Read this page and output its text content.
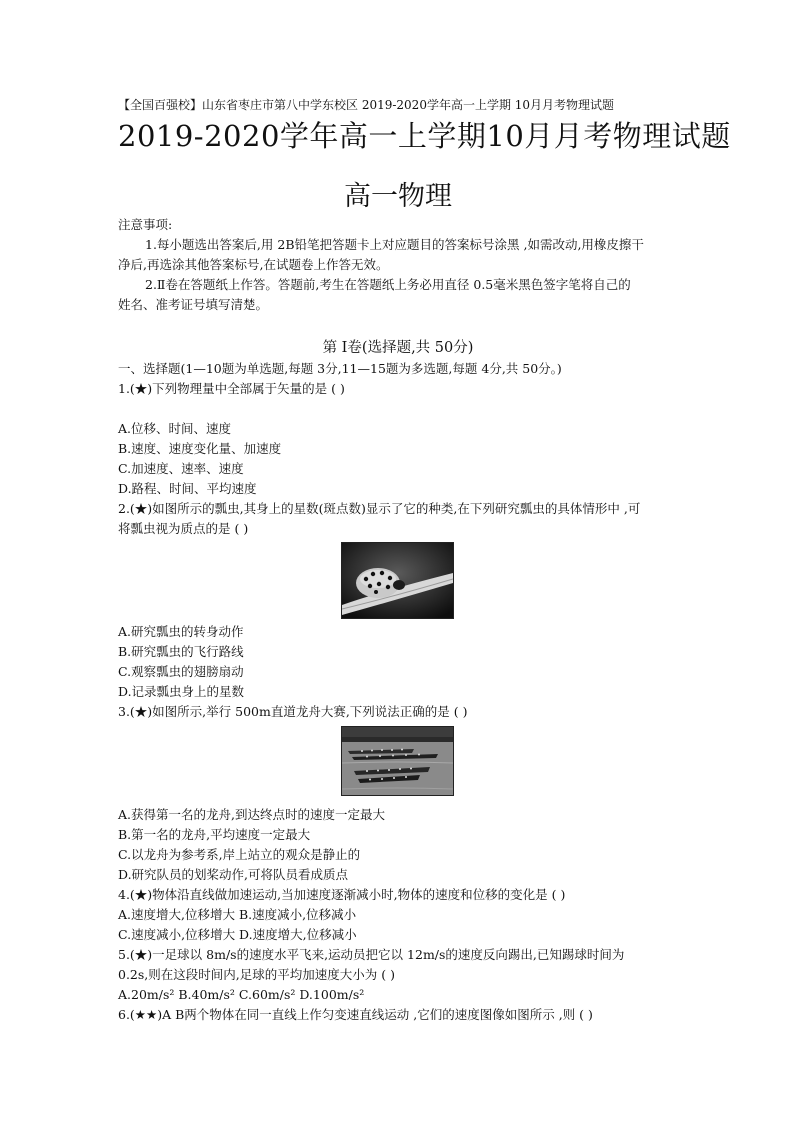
【全国百强校】山东省枣庄市第八中学东校区 2019-2020学年高一上学期 10月月考物理试题
2019-2020学年高一上学期10月月考物理试题
高一物理
注意事项:
1.每小题选出答案后,用 2B铅笔把答题卡上对应题目的答案标号涂黑 ,如需改动,用橡皮擦干
净后,再选涂其他答案标号,在试题卷上作答无效。
2.Ⅱ卷在答题纸上作答。答题前,考生在答题纸上务必用直径 0.5毫米黑色签字笔将自己的
姓名、准考证号填写清楚。
第 Ⅰ卷(选择题,共 50分)
一、选择题(1—10题为单选题,每题 3分,11—15题为多选题,每题 4分,共 50分。)
1.(★)下列物理量中全部属于矢量的是 ( )
A.位移、时间、速度
B.速度、速度变化量、加速度
C.加速度、速率、速度
D.路程、时间、平均速度
2.(★)如图所示的瓢虫,其身上的星数(斑点数)显示了它的种类,在下列研究瓢虫的具体情形中 ,可
将瓢虫视为质点的是 ( )
A.研究瓢虫的转身动作
B.研究瓢虫的飞行路线
C.观察瓢虫的翅膀扇动
D.记录瓢虫身上的星数
3.(★)如图所示,举行 500m直道龙舟大赛,下列说法正确的是 ( )
A.获得第一名的龙舟,到达终点时的速度一定最大
B.第一名的龙舟,平均速度一定最大
C.以龙舟为参考系,岸上站立的观众是静止的
D.研究队员的划桨动作,可将队员看成质点
4.(★)物体沿直线做加速运动,当加速度逐渐减小时,物体的速度和位移的变化是 ( )
A.速度增大,位移增大 B.速度减小,位移减小
C.速度减小,位移增大 D.速度增大,位移减小
5.(★)一足球以 8m/s的速度水平飞来,运动员把它以 12m/s的速度反向踢出,已知踢球时间为
0.2s,则在这段时间内,足球的平均加速度大小为 ( )
A.20m/s² B.40m/s² C.60m/s² D.100m/s²
6.(★★)A B两个物体在同一直线上作匀变速直线运动 ,它们的速度图像如图所示 ,则 ( )
